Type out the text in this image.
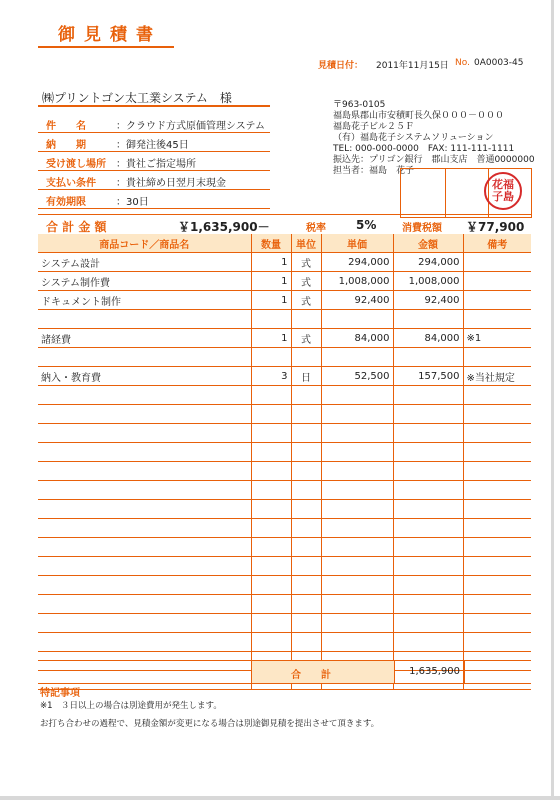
御見積書
見積日付： 2011年11月15日 No. 0A0003-45
㈱プリントゴン太工業システム　様
件　　名	：クラウド方式原価管理システム
納　　期	：御発注後45日
受け渡し場所 ：貴社ご指定場所
支払い条件 ：貴社締め日翌月末現金
有効期限	：30日
〒963-0105
福島県郡山市安積町長久保０００－０００
福島花子ビル２５Ｆ
（有）福島花子システムソリューション
TEL: 000-000-0000　FAX: 111-111-1111
振込先：プリゴン銀行　郡山支店　普通0000000
担当者：福島　花子
花福
子島
合 計 金 額	￥1,635,900－	税率	5%	消費税額 ￥77,900
商品コード／商品名	数量	単位	単価	金額	備考
システム設計	1	式	294,000	294,000	
システム制作費	1	式	1,008,000	1,008,000	
ドキュメント制作	1	式	92,400	92,400	

諸経費	1	式	84,000	84,000	※1

納入・教育費	3	日	52,500	157,500	※当社規定

合　　計	1,635,900
特記事項
※1　３日以上の場合は別途費用が発生します。
お打ち合わせの過程で、見積金額が変更になる場合は別途御見積を提出させて頂きます。
